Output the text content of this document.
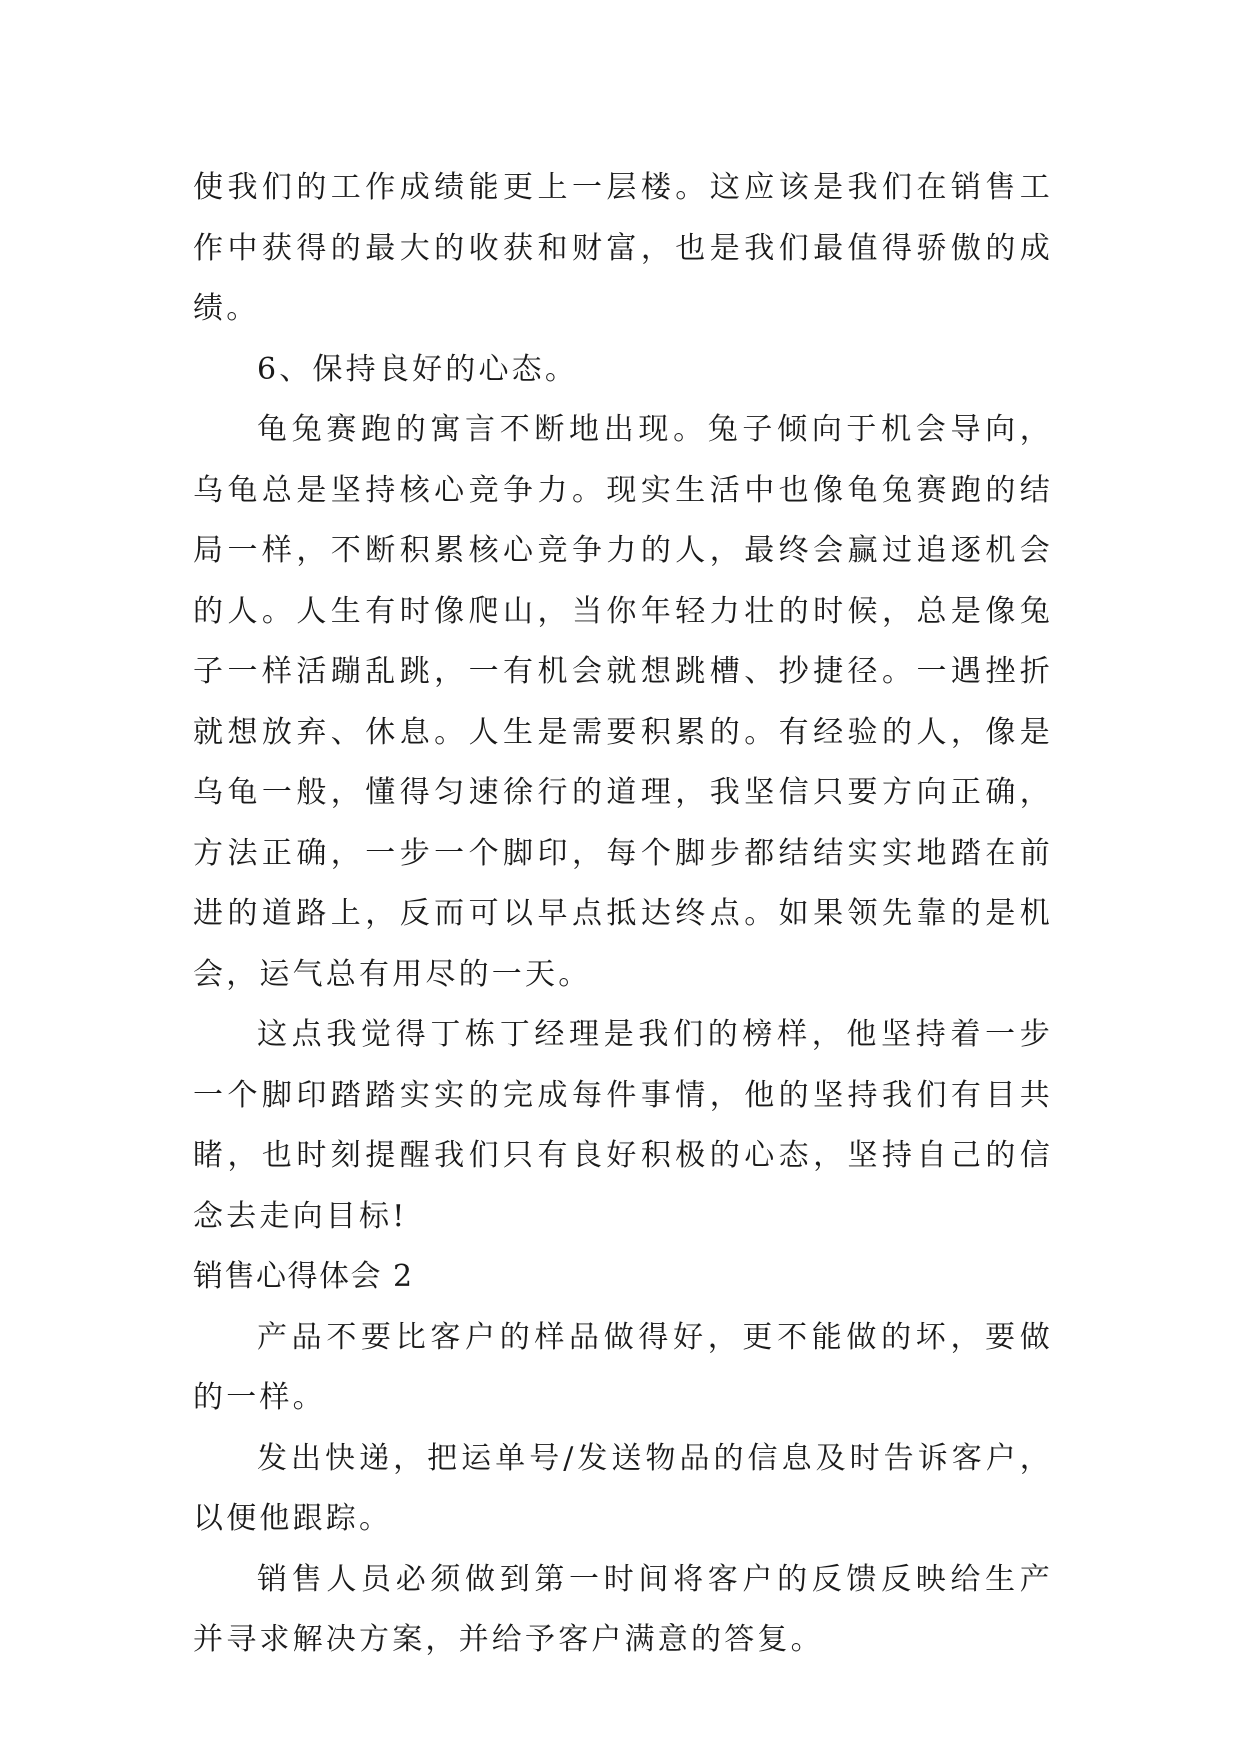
使我们的工作成绩能更上一层楼。这应该是我们在销售工作中获得的最大的收获和财富，也是我们最值得骄傲的成绩。

6、保持良好的心态。

龟兔赛跑的寓言不断地出现。兔子倾向于机会导向，乌龟总是坚持核心竞争力。现实生活中也像龟兔赛跑的结局一样，不断积累核心竞争力的人，最终会赢过追逐机会的人。人生有时像爬山，当你年轻力壮的时候，总是像兔子一样活蹦乱跳，一有机会就想跳槽、抄捷径。一遇挫折就想放弃、休息。人生是需要积累的。有经验的人，像是乌龟一般，懂得匀速徐行的道理，我坚信只要方向正确，方法正确，一步一个脚印，每个脚步都结结实实地踏在前进的道路上，反而可以早点抵达终点。如果领先靠的是机会，运气总有用尽的一天。

这点我觉得丁栋丁经理是我们的榜样，他坚持着一步一个脚印踏踏实实的完成每件事情，他的坚持我们有目共睹，也时刻提醒我们只有良好积极的心态，坚持自己的信念去走向目标!

销售心得体会 2

产品不要比客户的样品做得好，更不能做的坏，要做的一样。

发出快递，把运单号/发送物品的信息及时告诉客户，以便他跟踪。

销售人员必须做到第一时间将客户的反馈反映给生产并寻求解决方案，并给予客户满意的答复。
